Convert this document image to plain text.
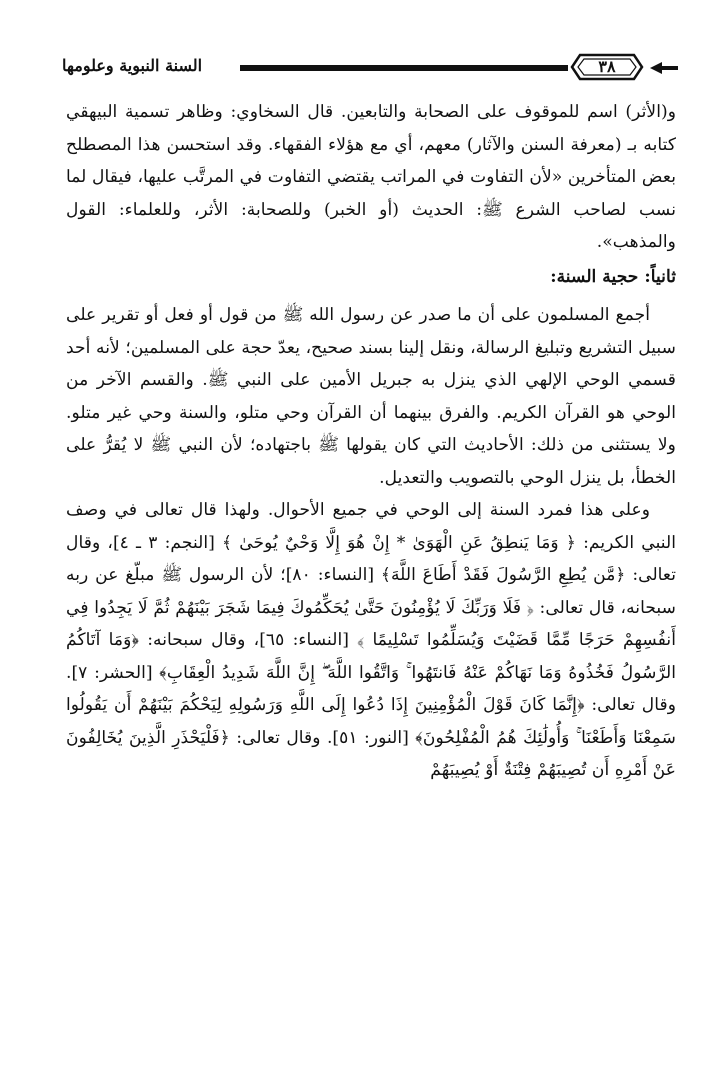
السنة النبوية وعلومها	٣٨

و(الأثر) اسم للموقوف على الصحابة والتابعين. قال السخاوي: وظاهر تسمية البيهقي كتابه بـ (معرفة السنن والآثار) معهم، أي مع هؤلاء الفقهاء. وقد استحسن هذا المصطلح بعض المتأخرين «لأن التفاوت في المراتب يقتضي التفاوت في المرتَّب عليها، فيقال لما نسب لصاحب الشرع ﷺ: الحديث (أو الخبر) وللصحابة: الأثر، وللعلماء: القول والمذهب».

ثانياً: حجية السنة:

أجمع المسلمون على أن ما صدر عن رسول الله ﷺ من قول أو فعل أو تقرير على سبيل التشريع وتبليغ الرسالة، ونقل إلينا بسند صحيح، يعدّ حجة على المسلمين؛ لأنه أحد قسمي الوحي الإلهي الذي ينزل به جبريل الأمين على النبي ﷺ. والقسم الآخر من الوحي هو القرآن الكريم. والفرق بينهما أن القرآن وحي متلو، والسنة وحي غير متلو. ولا يستثنى من ذلك: الأحاديث التي كان يقولها ﷺ باجتهاده؛ لأن النبي ﷺ لا يُقرُّ على الخطأ، بل ينزل الوحي بالتصويب والتعديل.

وعلى هذا فمرد السنة إلى الوحي في جميع الأحوال. ولهذا قال تعالى في وصف النبي الكريم: ﴿ وَمَا يَنطِقُ عَنِ الْهَوَىٰ * إِنْ هُوَ إِلَّا وَحْيٌ يُوحَىٰ ﴾ [النجم: ٣ ـ ٤]، وقال تعالى: ﴿مَّن يُطِعِ الرَّسُولَ فَقَدْ أَطَاعَ اللَّهَ﴾ [النساء: ٨٠]؛ لأن الرسول ﷺ مبلّغ عن ربه سبحانه، قال تعالى: ﴿ فَلَا وَرَبِّكَ لَا يُؤْمِنُونَ حَتَّىٰ يُحَكِّمُوكَ فِيمَا شَجَرَ بَيْنَهُمْ ثُمَّ لَا يَجِدُوا فِي أَنفُسِهِمْ حَرَجًا مِّمَّا قَضَيْتَ وَيُسَلِّمُوا تَسْلِيمًا ﴾ [النساء: ٦٥]، وقال سبحانه: ﴿وَمَا آتَاكُمُ الرَّسُولُ فَخُذُوهُ وَمَا نَهَاكُمْ عَنْهُ فَانتَهُوا ۚ وَاتَّقُوا اللَّهَ ۖ إِنَّ اللَّهَ شَدِيدُ الْعِقَابِ﴾ [الحشر: ٧]. وقال تعالى: ﴿إِنَّمَا كَانَ قَوْلَ الْمُؤْمِنِينَ إِذَا دُعُوا إِلَى اللَّهِ وَرَسُولِهِ لِيَحْكُمَ بَيْنَهُمْ أَن يَقُولُوا سَمِعْنَا وَأَطَعْنَا ۚ وَأُولَٰئِكَ هُمُ الْمُفْلِحُونَ﴾ [النور: ٥١]. وقال تعالى: ﴿فَلْيَحْذَرِ الَّذِينَ يُخَالِفُونَ عَنْ أَمْرِهِ أَن تُصِيبَهُمْ فِتْنَةٌ أَوْ يُصِيبَهُمْ
